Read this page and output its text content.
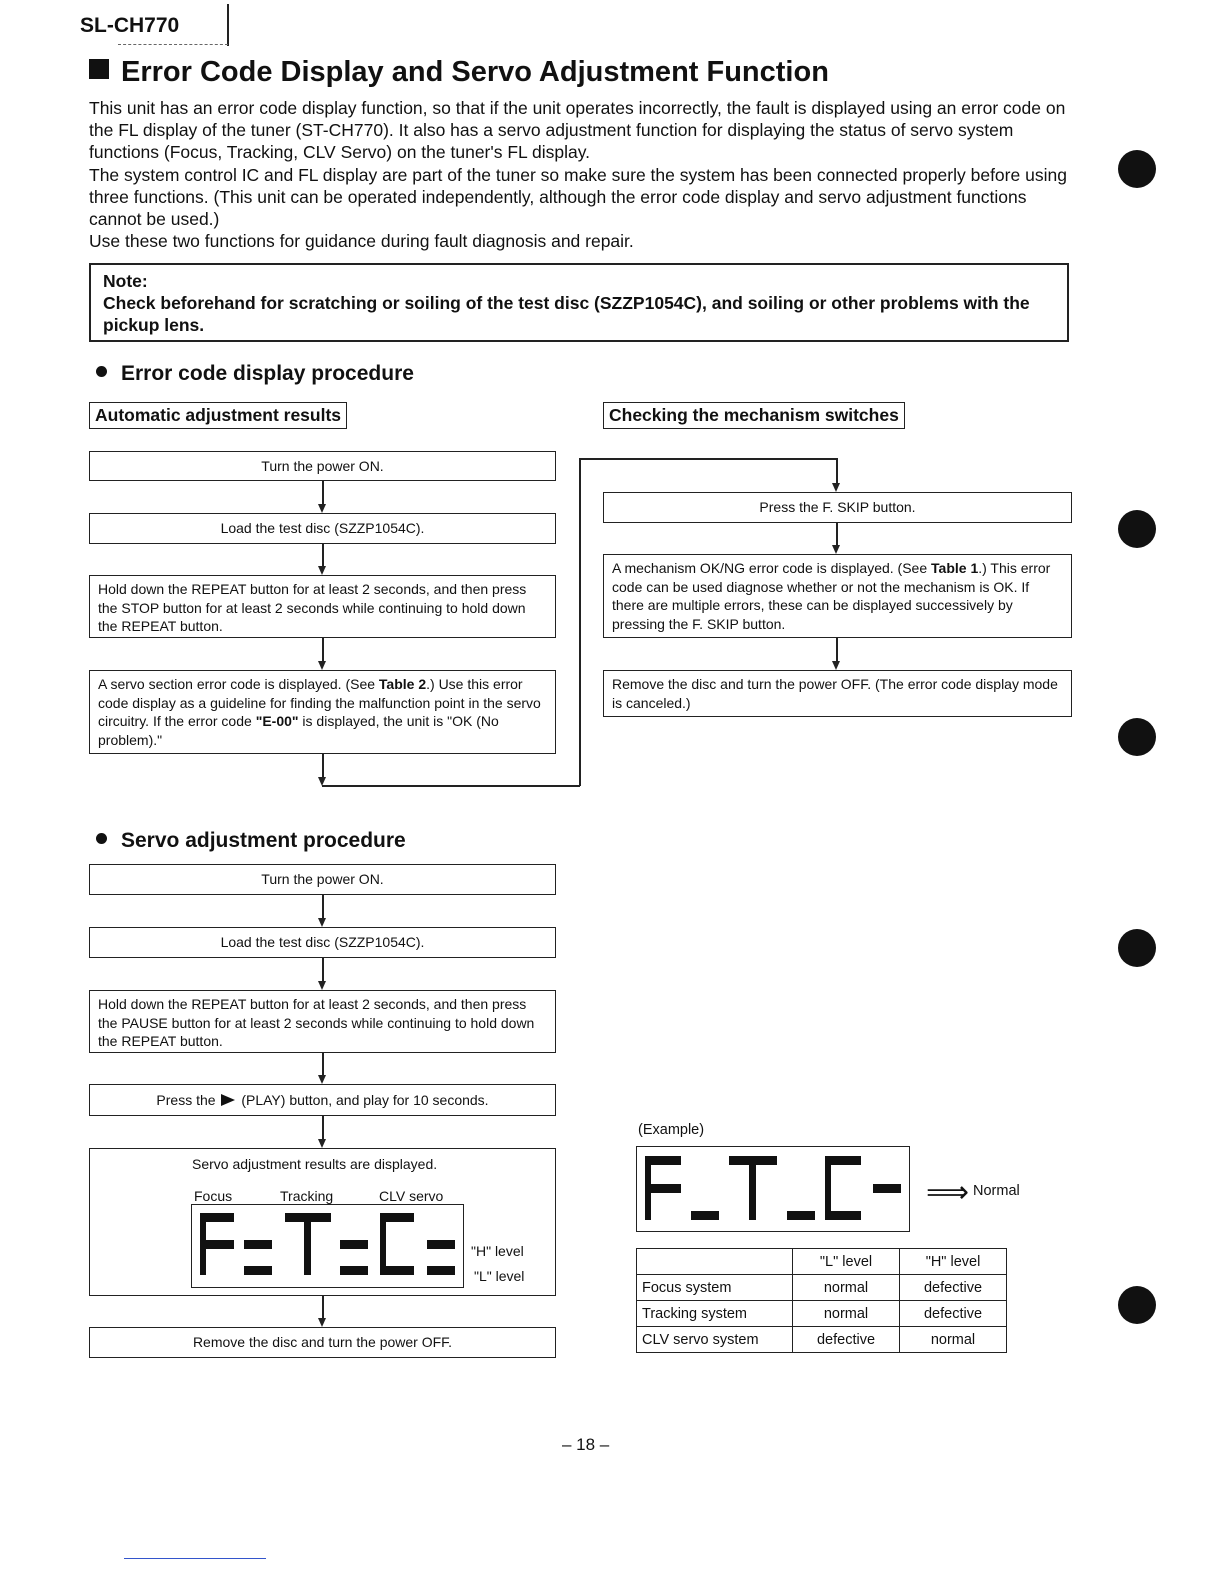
SL-CH770
Error Code Display and Servo Adjustment Function

This unit has an error code display function, so that if the unit operates incorrectly, the fault is displayed using an error code on the FL display of the tuner (ST-CH770). It also has a servo adjustment function for displaying the status of servo system functions (Focus, Tracking, CLV Servo) on the tuner's FL display.

The system control IC and FL display are part of the tuner so make sure the system has been connected properly before using three functions. (This unit can be operated independently, although the error code display and servo adjustment functions cannot be used.)

Use these two functions for guidance during fault diagnosis and repair.

Note:
Check beforehand for scratching or soiling of the test disc (SZZP1054C), and soiling or other problems with the pickup lens.
Error code display procedure
Automatic adjustment results	Checking the mechanism switches
Turn the power ON.
Load the test disc (SZZP1054C).
Hold down the REPEAT button for at least 2 seconds, and then press the STOP button for at least 2 seconds while continuing to hold down the REPEAT button.
A servo section error code is displayed. (See Table 2.) Use this error code display as a guideline for finding the malfunction point in the servo circuitry. If the error code "E-00" is displayed, the unit is "OK (No problem)."
Press the F. SKIP button.
A mechanism OK/NG error code is displayed. (See Table 1.) This error code can be used diagnose whether or not the mechanism is OK. If there are multiple errors, these can be displayed successively by pressing the F. SKIP button.
Remove the disc and turn the power OFF. (The error code display mode is canceled.)
Servo adjustment procedure
Turn the power ON.
Load the test disc (SZZP1054C).
Hold down the REPEAT button for at least 2 seconds, and then press the PAUSE button for at least 2 seconds while continuing to hold down the REPEAT button.
Press the (PLAY) button, and play for 10 seconds.
Servo adjustment results are displayed.
Focus	Tracking	CLV servo
"H" level
"L" level
Remove the disc and turn the power OFF.
(Example)
⟹ Normal
	"L" level	"H" level
Focus system	normal	defective
Tracking system	normal	defective
CLV servo system	defective	normal
– 18 –
